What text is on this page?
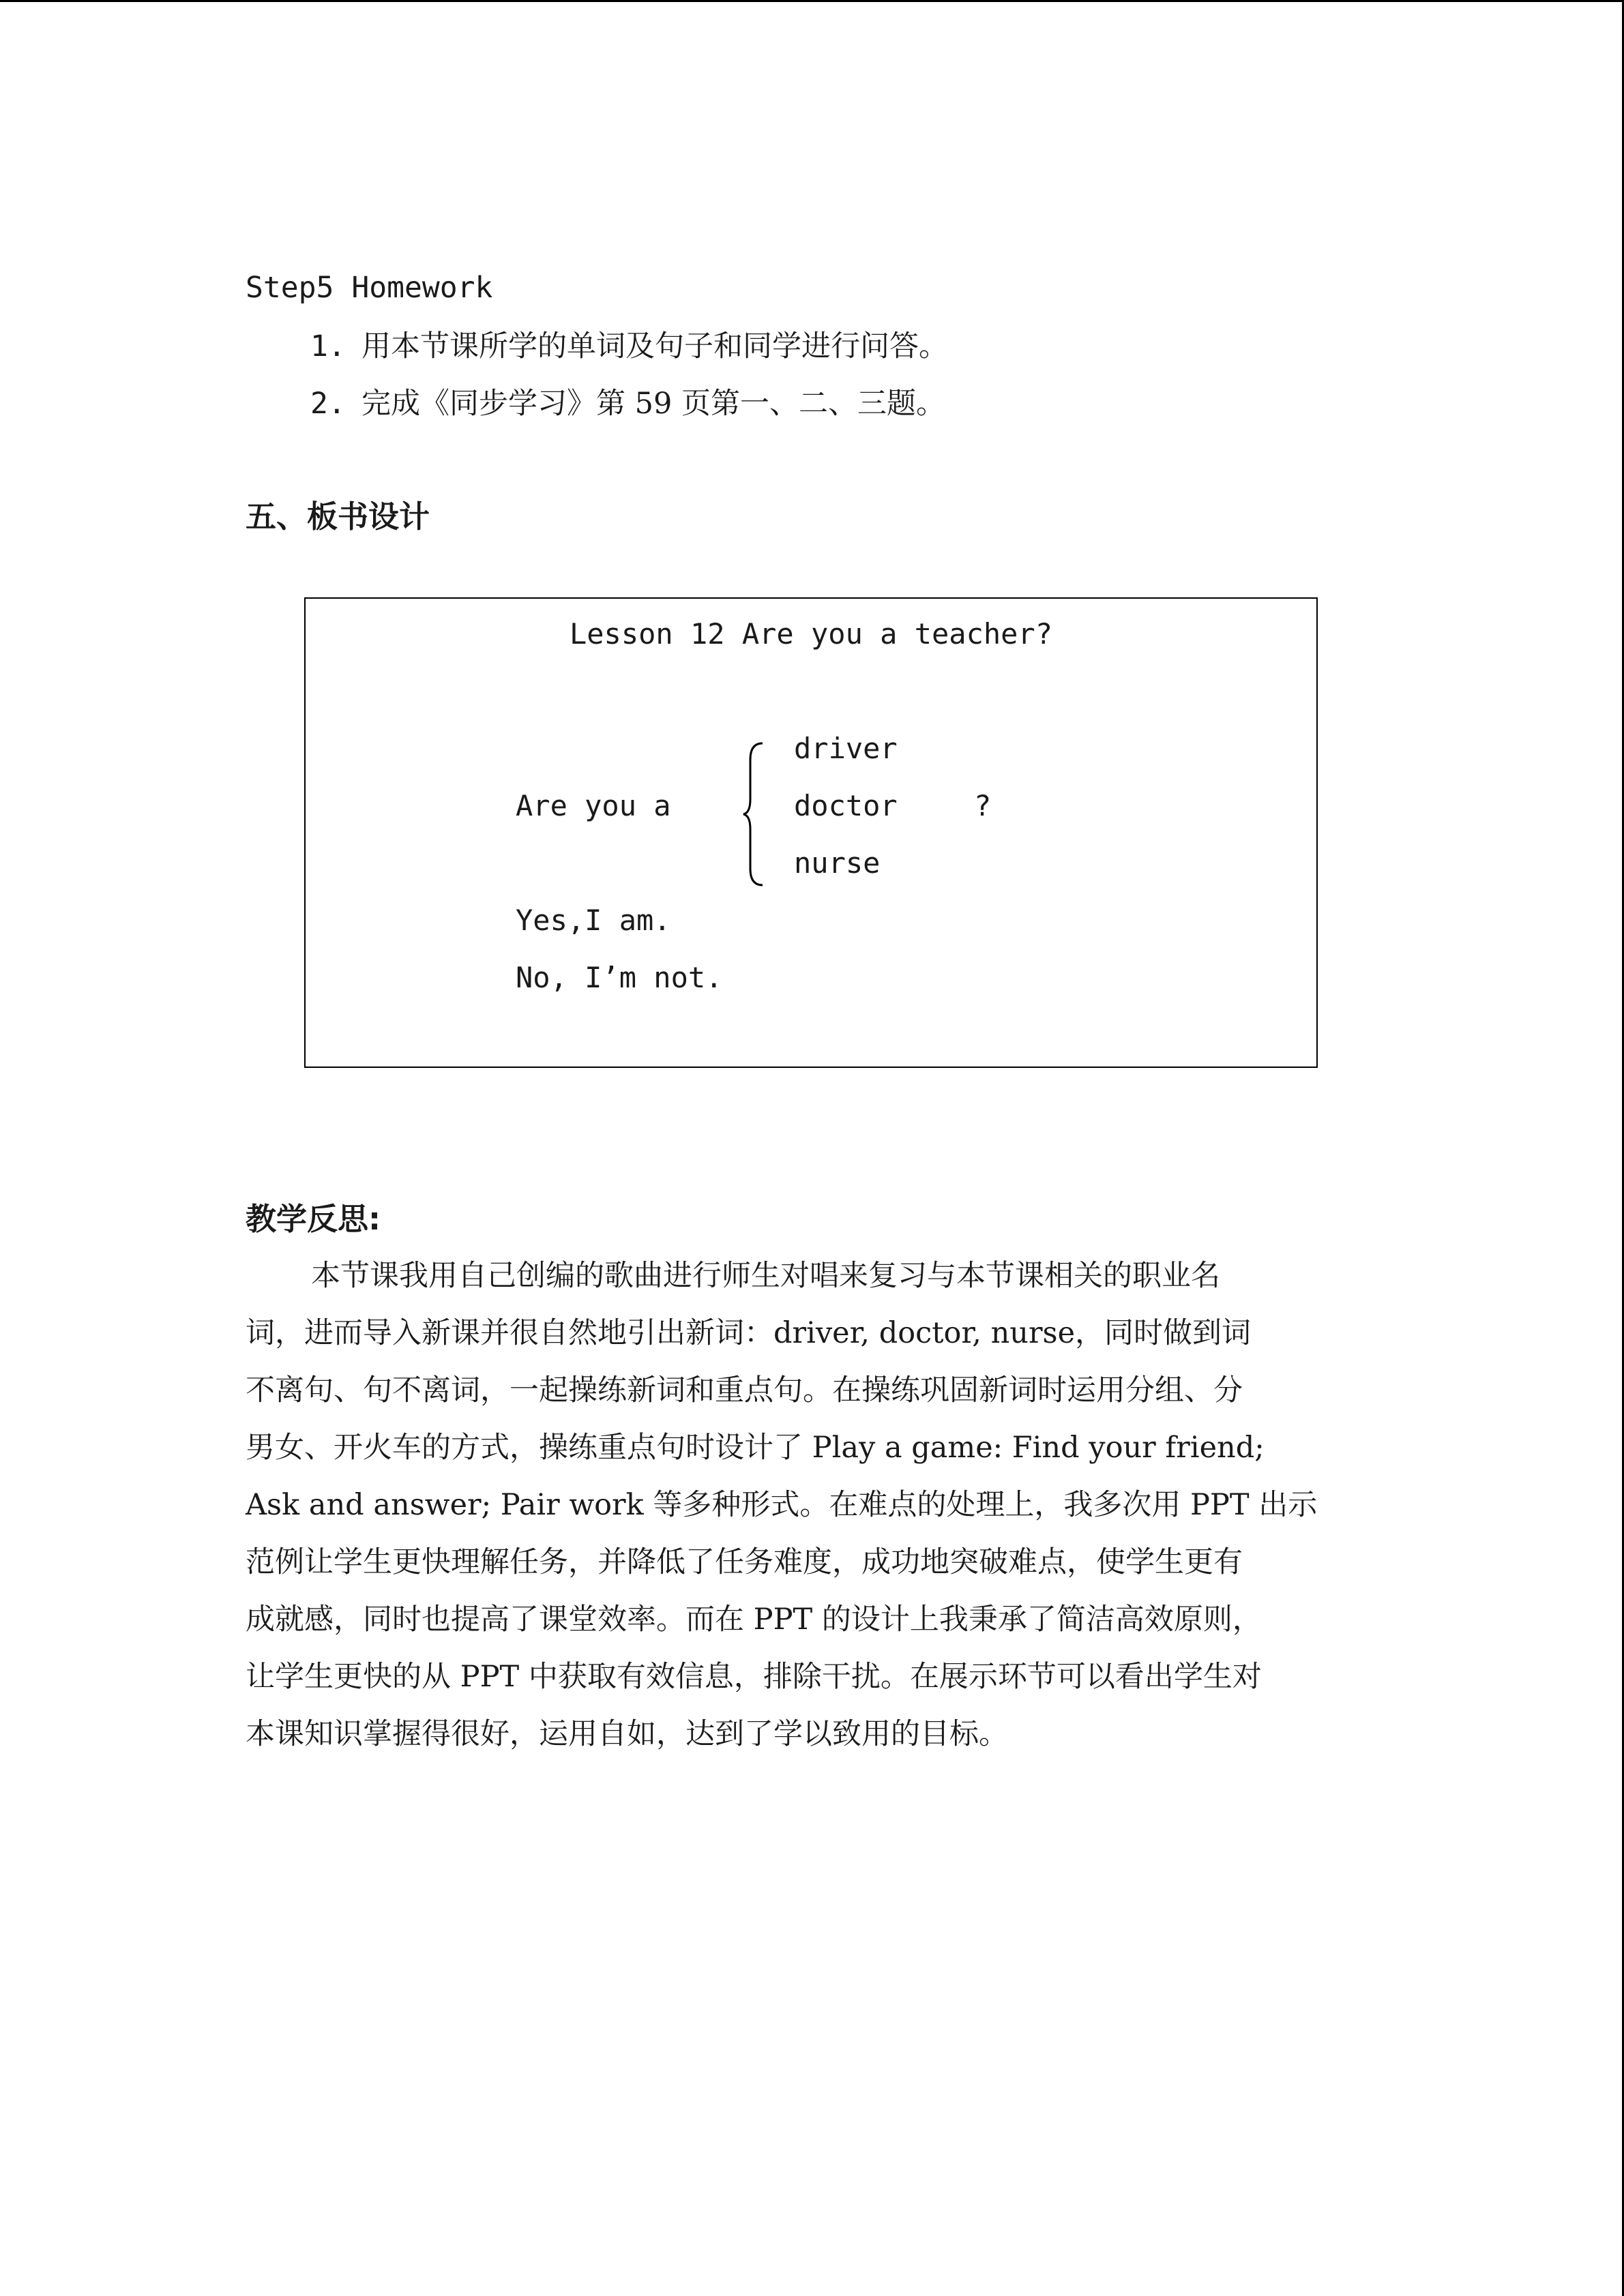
Step5 Homework
1. 用本节课所学的单词及句子和同学进行问答。
2. 完成《同步学习》第 59 页第一、二、三题。
五、板书设计
Lesson 12 Are you a teacher?
Are you a
driver
doctor
nurse
?
Yes,I am.
No, I’m not.
教学反思:
本节课我用自己创编的歌曲进行师生对唱来复习与本节课相关的职业名
词，进而导入新课并很自然地引出新词：driver, doctor, nurse，同时做到词
不离句、句不离词，一起操练新词和重点句。在操练巩固新词时运用分组、分
男女、开火车的方式，操练重点句时设计了 Play a game: Find your friend;
Ask and answer; Pair work 等多种形式。在难点的处理上，我多次用 PPT 出示
范例让学生更快理解任务，并降低了任务难度，成功地突破难点，使学生更有
成就感，同时也提高了课堂效率。而在 PPT 的设计上我秉承了简洁高效原则，
让学生更快的从 PPT 中获取有效信息，排除干扰。在展示环节可以看出学生对
本课知识掌握得很好，运用自如，达到了学以致用的目标。
